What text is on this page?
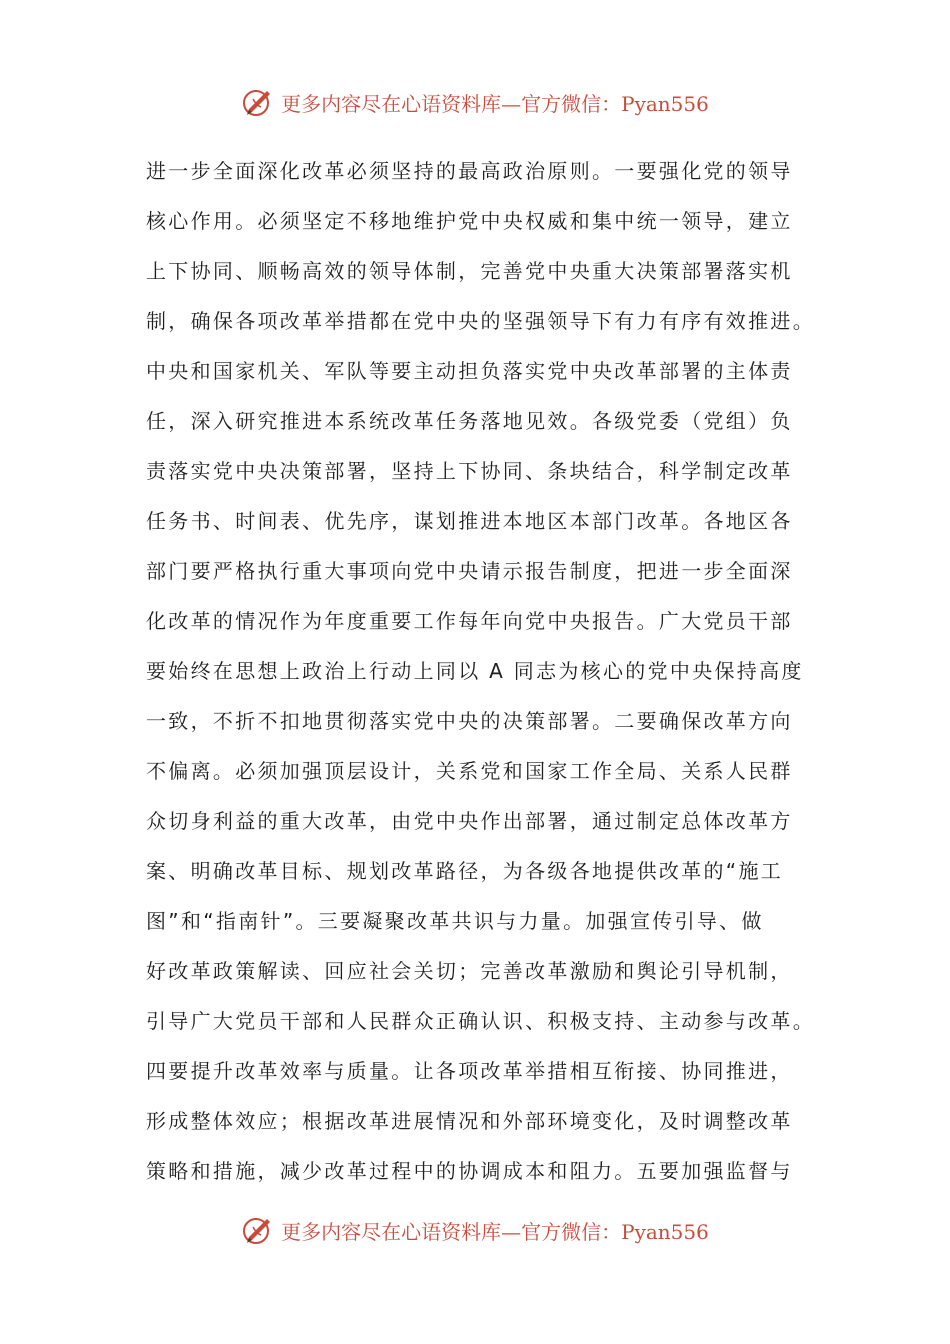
更多内容尽在心语资料库—官方微信：Pyan556
进一步全面深化改革必须坚持的最高政治原则。一要强化党的领导
核心作用。必须坚定不移地维护党中央权威和集中统一领导，建立
上下协同、顺畅高效的领导体制，完善党中央重大决策部署落实机
制，确保各项改革举措都在党中央的坚强领导下有力有序有效推进。
中央和国家机关、军队等要主动担负落实党中央改革部署的主体责
任，深入研究推进本系统改革任务落地见效。各级党委（党组）负
责落实党中央决策部署，坚持上下协同、条块结合，科学制定改革
任务书、时间表、优先序，谋划推进本地区本部门改革。各地区各
部门要严格执行重大事项向党中央请示报告制度，把进一步全面深
化改革的情况作为年度重要工作每年向党中央报告。广大党员干部
要始终在思想上政治上行动上同以 A 同志为核心的党中央保持高度
一致，不折不扣地贯彻落实党中央的决策部署。二要确保改革方向
不偏离。必须加强顶层设计，关系党和国家工作全局、关系人民群
众切身利益的重大改革，由党中央作出部署，通过制定总体改革方
案、明确改革目标、规划改革路径，为各级各地提供改革的“施工
图”和“指南针”。三要凝聚改革共识与力量。加强宣传引导、做
好改革政策解读、回应社会关切；完善改革激励和舆论引导机制，
引导广大党员干部和人民群众正确认识、积极支持、主动参与改革。
四要提升改革效率与质量。让各项改革举措相互衔接、协同推进，
形成整体效应；根据改革进展情况和外部环境变化，及时调整改革
策略和措施，减少改革过程中的协调成本和阻力。五要加强监督与
更多内容尽在心语资料库—官方微信：Pyan556
